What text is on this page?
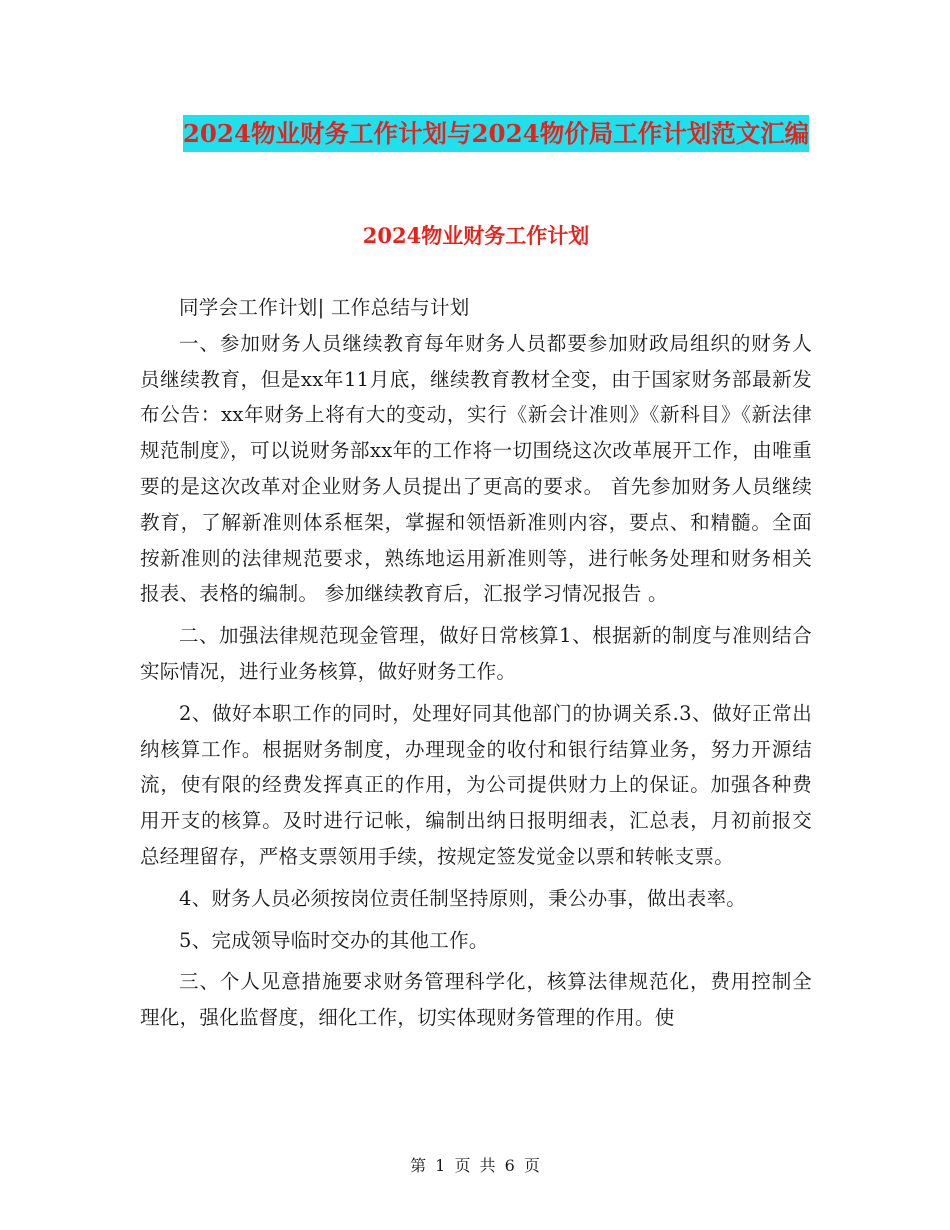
2024物业财务工作计划与2024物价局工作计划范文汇编
2024物业财务工作计划

同学会工作计划| 工作总结与计划

一、参加财务人员继续教育每年财务人员都要参加财政局组织的财务人员继续教育，但是xx年11月底，继续教育教材全变，由于国家财务部最新发布公告：xx年财务上将有大的变动，实行《新会计准则》《新科目》《新法律规范制度》，可以说财务部xx年的工作将一切围绕这次改革展开工作，由唯重要的是这次改革对企业财务人员提出了更高的要求。 首先参加财务人员继续教育，了解新准则体系框架，掌握和领悟新准则内容，要点、和精髓。全面按新准则的法律规范要求，熟练地运用新准则等，进行帐务处理和财务相关报表、表格的编制。 参加继续教育后，汇报学习情况报告 。

二、加强法律规范现金管理，做好日常核算1、根据新的制度与准则结合实际情况，进行业务核算，做好财务工作。

2、做好本职工作的同时，处理好同其他部门的协调关系.3、做好正常出纳核算工作。根据财务制度，办理现金的收付和银行结算业务，努力开源结流，使有限的经费发挥真正的作用，为公司提供财力上的保证。加强各种费用开支的核算。及时进行记帐，编制出纳日报明细表，汇总表，月初前报交总经理留存，严格支票领用手续，按规定签发觉金以票和转帐支票。

4、财务人员必须按岗位责任制坚持原则，秉公办事，做出表率。

5、完成领导临时交办的其他工作。

三、个人见意措施要求财务管理科学化，核算法律规范化，费用控制全理化，强化监督度，细化工作，切实体现财务管理的作用。使

第 1 页 共 6 页
